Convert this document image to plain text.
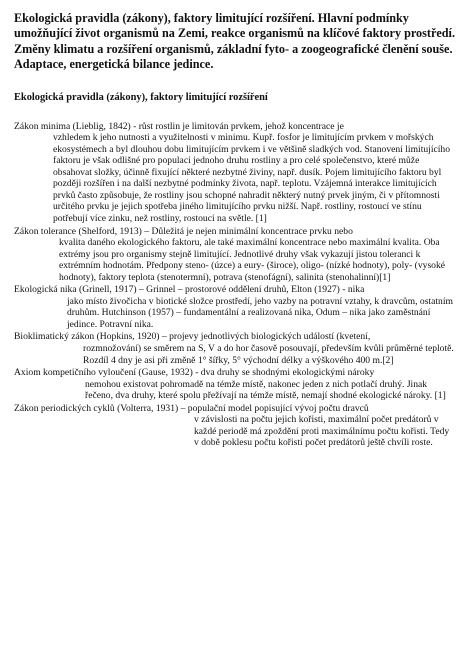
Ekologická pravidla (zákony), faktory limitující rozšíření. Hlavní podmínky umožňující život organismů na Zemi, reakce organismů na klíčové faktory prostředí. Změny klimatu a rozšíření organismů, základní fyto- a zoogeografické členění souše. Adaptace, energetická bilance jedince.
Ekologická pravidla (zákony), faktory limitující rozšíření
Zákon minima (Lieblig, 1842) - růst rostlin je limitován prvkem, jehož koncentrace je
vzhledem k jeho nutnosti a využitelnosti v minimu. Kupř. fosfor je limitujícím prvkem v mořských ekosystémech a byl dlouhou dobu limitujícím prvkem i ve většině sladkých vod. Stanovení limitujícího faktoru je však odlišné pro populaci jednoho druhu rostliny a pro celé společenstvo, které může obsahovat složky, účinně fixující některé nezbytné živiny, např. dusík. Pojem limitujícího faktoru byl později rozšířen i na další nezbytné podmínky života, např. teplotu. Vzájemná interakce limitujících prvků často způsobuje, že rostliny jsou schopné nahradit některý nutný prvek jiným, či v přítomnosti určitého prvku je jejich spotřeba jiného limitujícího prvku nižší. Např. rostliny, rostoucí ve stínu potřebují více zinku, než rostliny, rostoucí na světle. [1]
Zákon tolerance (Shelford, 1913) – Důležitá je nejen minimální koncentrace prvku nebo
kvalita daného ekologického faktoru, ale také maximální koncentrace nebo maximální kvalita. Oba extrémy jsou pro organismy stejně limitující. Jednotlivé druhy však vykazují jistou toleranci k extrémním hodnotám. Předpony steno- (úzce) a eury- (široce), oligo- (nízké hodnoty), poly- (vysoké hodnoty), faktory teplota (stenotermní), potrava (stenofágní), salinita (stenohalinní)[1]
Ekologická nika (Grinell, 1917) – Grinnel – prostorové oddělení druhů, Elton (1927) - nika
jako místo živočicha v biotické složce prostředí, jeho vazby na potravní vztahy, k dravcům, ostatním druhům. Hutchinson (1957) – fundamentální a realizovaná nika, Odum – nika jako zaměstnání jedince. Potravní nika.
Bioklimatický zákon (Hopkins, 1920) – projevy jednotlivých biologických událostí (kvetení,
rozmnožování) se směrem na S, V a do hor časově posouvají, především kvůli průměrné teplotě. Rozdíl 4 dny je asi při změně 1° šířky, 5° východní délky a výškového 400 m.[2]
Axiom kompetičního vyloučení (Gause, 1932) - dva druhy se shodnými ekologickými nároky
nemohou existovat pohromadě na témže místě, nakonec jeden z nich potlačí druhý. Jinak řečeno, dva druhy, které spolu přežívají na témže místě, nemají shodné ekologické nároky. [1]
Zákon periodických cyklů (Volterra, 1931) – populační model popisující vývoj počtu dravců
v závislosti na počtu jejich kořisti, maximální počet predátorů v každé periodě má zpoždění proti maximálnímu počtu kořisti. Tedy v době poklesu počtu kořisti počet predátorů ještě chvíli roste.
